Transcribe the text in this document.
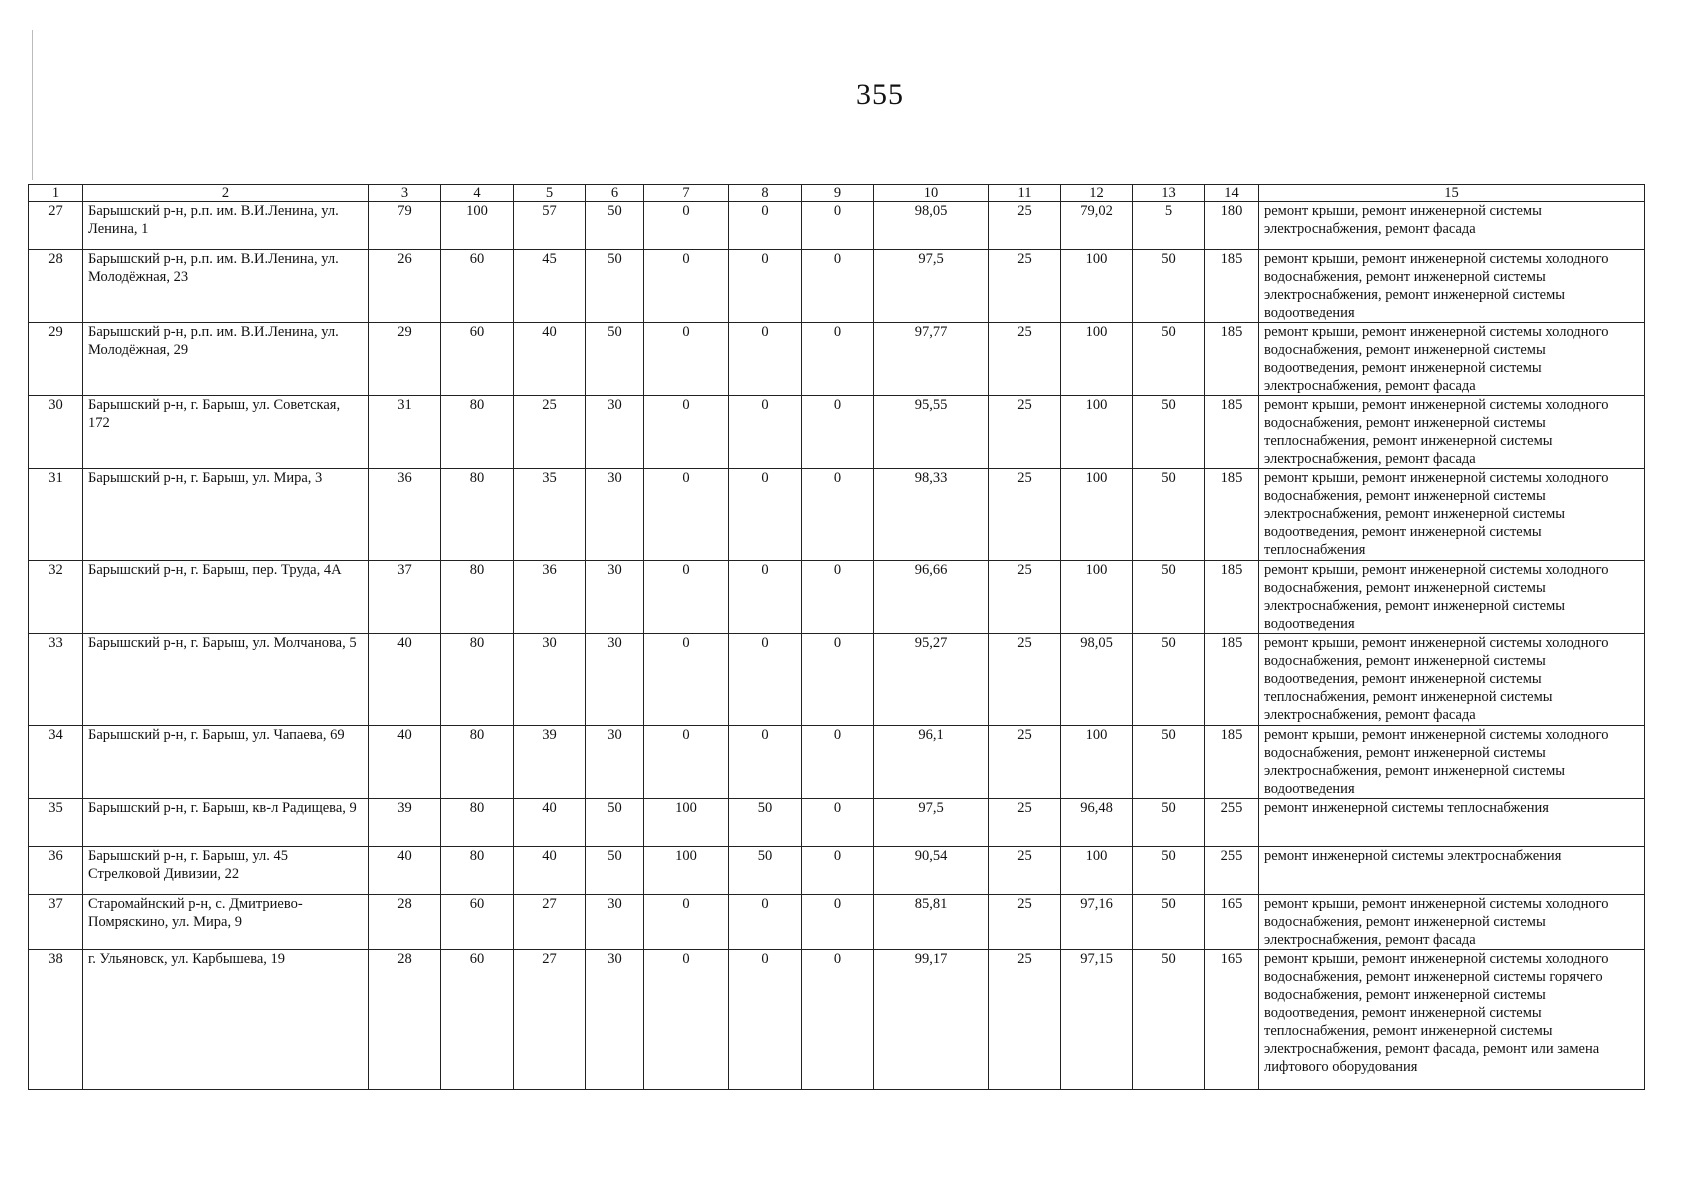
355
1	2	3	4	5	6	7	8	9	10	11	12	13	14	15
27	Барышский р-н, р.п. им. В.И.Ленина, ул. Ленина, 1	79	100	57	50	0	0	0	98,05	25	79,02	5	180	ремонт крыши, ремонт инженерной системы электроснабжения, ремонт фасада
28	Барышский р-н, р.п. им. В.И.Ленина, ул. Молодёжная, 23	26	60	45	50	0	0	0	97,5	25	100	50	185	ремонт крыши, ремонт инженерной системы холодного водоснабжения, ремонт инженерной системы электроснабжения, ремонт инженерной системы водоотведения
29	Барышский р-н, р.п. им. В.И.Ленина, ул. Молодёжная, 29	29	60	40	50	0	0	0	97,77	25	100	50	185	ремонт крыши, ремонт инженерной системы холодного водоснабжения, ремонт инженерной системы водоотведения, ремонт инженерной системы электроснабжения, ремонт фасада
30	Барышский р-н, г. Барыш, ул. Советская, 172	31	80	25	30	0	0	0	95,55	25	100	50	185	ремонт крыши, ремонт инженерной системы холодного водоснабжения, ремонт инженерной системы теплоснабжения, ремонт инженерной системы электроснабжения, ремонт фасада
31	Барышский р-н, г. Барыш, ул. Мира, 3	36	80	35	30	0	0	0	98,33	25	100	50	185	ремонт крыши, ремонт инженерной системы холодного водоснабжения, ремонт инженерной системы электроснабжения, ремонт инженерной системы водоотведения, ремонт инженерной системы теплоснабжения
32	Барышский р-н, г. Барыш, пер. Труда, 4А	37	80	36	30	0	0	0	96,66	25	100	50	185	ремонт крыши, ремонт инженерной системы холодного водоснабжения, ремонт инженерной системы электроснабжения, ремонт инженерной системы водоотведения
33	Барышский р-н, г. Барыш, ул. Молчанова, 5	40	80	30	30	0	0	0	95,27	25	98,05	50	185	ремонт крыши, ремонт инженерной системы холодного водоснабжения, ремонт инженерной системы водоотведения, ремонт инженерной системы теплоснабжения, ремонт инженерной системы электроснабжения, ремонт фасада
34	Барышский р-н, г. Барыш, ул. Чапаева, 69	40	80	39	30	0	0	0	96,1	25	100	50	185	ремонт крыши, ремонт инженерной системы холодного водоснабжения, ремонт инженерной системы электроснабжения, ремонт инженерной системы водоотведения
35	Барышский р-н, г. Барыш, кв-л Радищева, 9	39	80	40	50	100	50	0	97,5	25	96,48	50	255	ремонт инженерной системы теплоснабжения
36	Барышский р-н, г. Барыш, ул. 45 Стрелковой Дивизии, 22	40	80	40	50	100	50	0	90,54	25	100	50	255	ремонт инженерной системы электроснабжения
37	Старомайнский р-н, с. Дмитриево-Помряскино, ул. Мира, 9	28	60	27	30	0	0	0	85,81	25	97,16	50	165	ремонт крыши, ремонт инженерной системы холодного водоснабжения, ремонт инженерной системы электроснабжения, ремонт фасада
38	г. Ульяновск, ул. Карбышева, 19	28	60	27	30	0	0	0	99,17	25	97,15	50	165	ремонт крыши, ремонт инженерной системы холодного водоснабжения, ремонт инженерной системы горячего водоснабжения, ремонт инженерной системы водоотведения, ремонт инженерной системы теплоснабжения, ремонт инженерной системы электроснабжения, ремонт фасада, ремонт или замена лифтового оборудования
